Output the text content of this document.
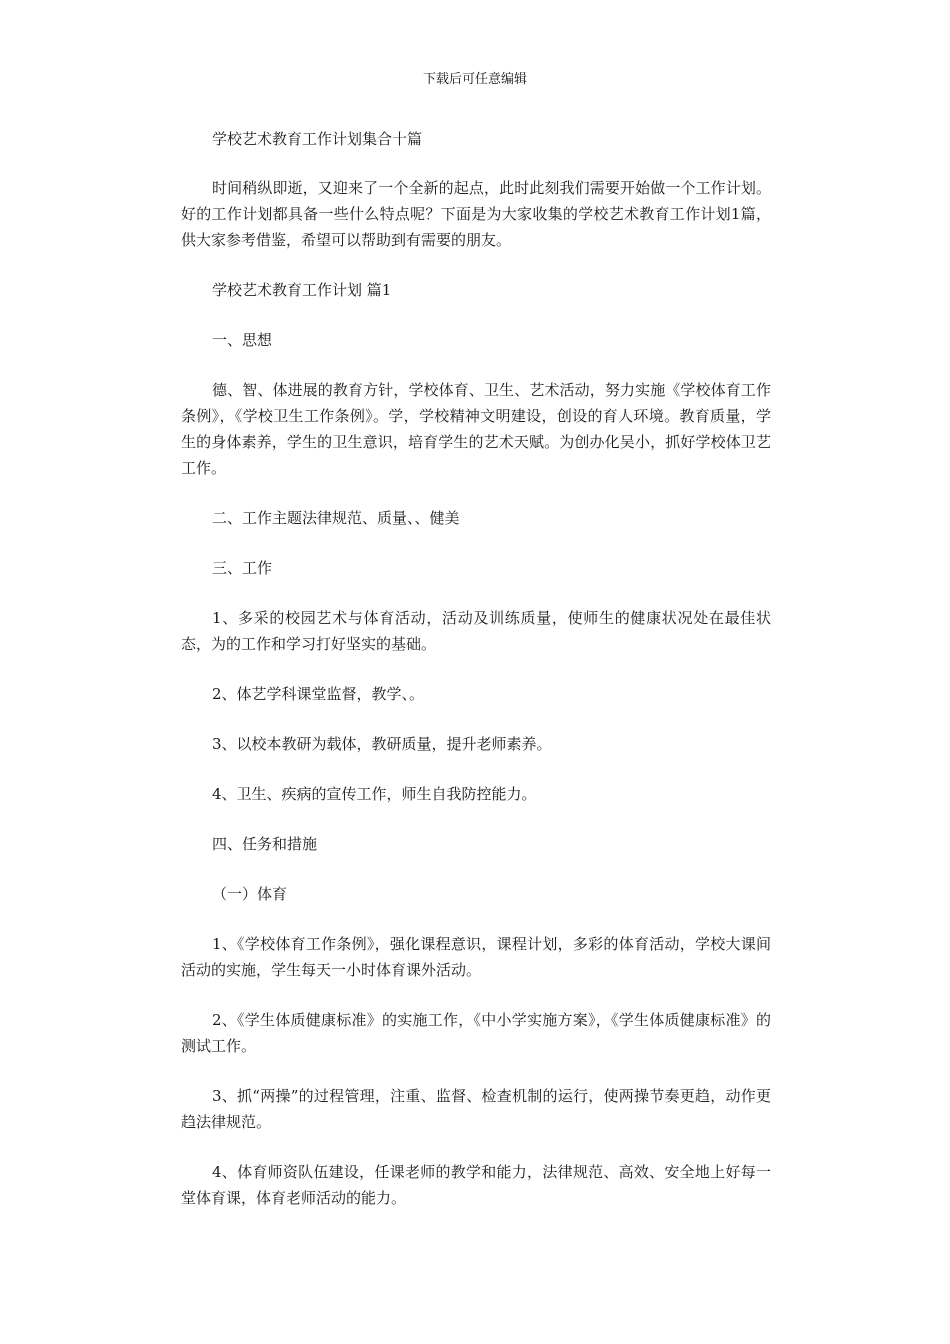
下载后可任意编辑

学校艺术教育工作计划集合十篇

时间稍纵即逝，又迎来了一个全新的起点，此时此刻我们需要开始做一个工作计划。好的工作计划都具备一些什么特点呢？下面是为大家收集的学校艺术教育工作计划1篇，供大家参考借鉴，希望可以帮助到有需要的朋友。

学校艺术教育工作计划 篇1

一、思想

德、智、体进展的教育方针，学校体育、卫生、艺术活动，努力实施《学校体育工作条例》，《学校卫生工作条例》。学，学校精神文明建设，创设的育人环境。教育质量，学生的身体素养，学生的卫生意识，培育学生的艺术天赋。为创办化吴小，抓好学校体卫艺工作。

二、工作主题法律规范、质量、、健美

三、工作

1、多采的校园艺术与体育活动，活动及训练质量，使师生的健康状况处在最佳状态，为的工作和学习打好坚实的基础。

2、体艺学科课堂监督，教学、。

3、以校本教研为载体，教研质量，提升老师素养。

4、卫生、疾病的宣传工作，师生自我防控能力。

四、任务和措施

（一）体育

1、《学校体育工作条例》，强化课程意识，课程计划，多彩的体育活动，学校大课间活动的实施，学生每天一小时体育课外活动。

2、《学生体质健康标准》的实施工作，《中小学实施方案》，《学生体质健康标准》的测试工作。

3、抓“两操”的过程管理，注重、监督、检查机制的运行，使两操节奏更趋，动作更趋法律规范。

4、体育师资队伍建设，任课老师的教学和能力，法律规范、高效、安全地上好每一堂体育课，体育老师活动的能力。
